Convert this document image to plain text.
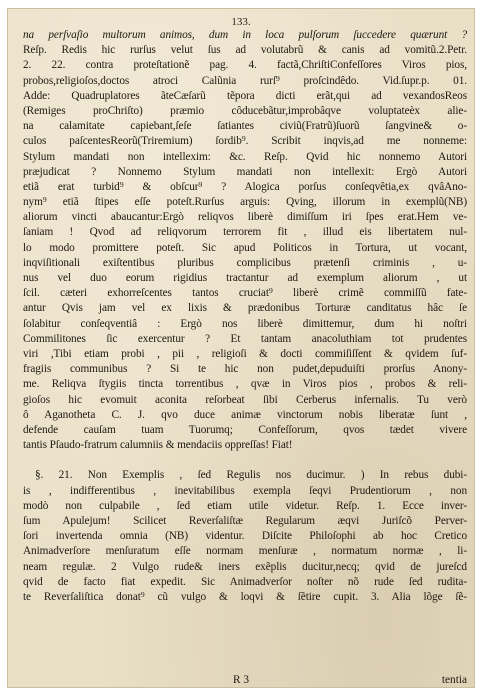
133.
na perſvaſio multorum animos, dum in loca pulſorum ſuccedere quærunt ?
Reſp. Redis hic rurſus velut ſus ad volutabrũ & canis ad vomitũ.2.Petr.
2. 22. contra proteſtationẽ pag. 4. factã,ChriſtiConfeſſores Viros pios,
probos,religioſos,doctos atroci Calũnia rurſ⁹ proſcindêdo. Vid.ſupr.p. 01.
Adde: Quadruplatores ãteCæſarũ tẽpora dicti erãt,qui ad vexandosReos
(Remiges proChriſto) præmio côducebãtur,improbâqve voluptateèx alie-
na calamitate capiebant,ſeſe ſatiantes civiũ(Fratrũ)ſuorũ ſangvine& o-
culos paſcentesReorũ(Triremium) ſordib⁹. Scribit inqvis,ad me nonneme:
Stylum mandati non intellexim: &c. Reſp. Qvid hic nonnemo Autori
præjudicat ? Nonnemo Stylum mandati non intellexit: Ergò Autori
etiã erat turbid⁹ & obſcur⁹ ? Alogica porſus conſeqvêtia,ex qvâAno-
nym⁹ etiã ſtipes eſſe poteſt.Rurſus arguis: Qving, illorum in exemplũ(NB)
aliorum vincti abaucantur:Ergò reliqvos liberè dimiſſum iri ſpes erat.Hem ve-
ſaniam ! Qvod ad reliqvorum terrorem fit , illud eis libertatem nul-
lo modo promittere poteſt. Sic apud Politicos in Tortura, ut vocant,
inqviſitionali exiſtentibus pluribus complicibus prætenſi criminis , u-
nus vel duo eorum rigidius tractantur ad exemplum aliorum , ut
ſcil. cæteri exhorreſcentes tantos cruciat⁹ liberè crimẽ commiſſũ fate-
antur Qvis jam vel ex lixis & prædonibus Torturæ canditatus hâc ſe
ſolabitur conſeqventiâ : Ergò nos liberè dimittemur, dum hi noſtri
Commilitones ſic exercentur ? Et tantam anacoluthiam tot prudentes
viri ,Tibi etiam probi , pii , religioſi & docti commiſiſſent & qvidem ſuf-
fragiis communibus ? Si te hic non pudet,depuduiſti prorſus Anony-
me. Reliqva ſtygiis tincta torrentibus , qvæ in Viros pios , probos & reli-
gioſos hic evomuit aconita reſorbeat ſibi Cerberus infernalis. Tu verò
ô Aganotheta C. J. qvo duce animæ vinctorum nobis liberatæ ſunt ,
defende cauſam tuam Tuorumq; Confeſſorum, qvos tædet vivere
tantis Pſaudo-fratrum calumniis & mendaciis oppreſſas! Fiat!
§. 21. Non Exemplis , ſed Regulis nos ducimur. ) In rebus dubi-
is , indifferentibus , inevitabilibus exempla ſeqvi Prudentiorum , non
modò non culpabile , ſed etiam utile videtur. Reſp. 1. Ecce inver-
ſum Apulejum! Scilicet Reverſaliſtæ Regularum æqvi Juriſcõ Perver-
ſori invertenda omnia (NB) videntur. Diſcite Philoſophi ab hoc Cretico
Animadverſore menſuratum eſſe normam menſuræ , normatum normæ , li-
neam regulæ. 2 Vulgo rude& iners exẽplis ducitur,necq; qvid de jureſcd
qvid de facto fiat expedit. Sic Animadverſor noſter nõ rude ſed rudita-
te Reverſaliſtica donat⁹ cũ vulgo & loqvi & ſẽtire cupit. 3. Alia lõge ſẽ-
R 3	tentia
